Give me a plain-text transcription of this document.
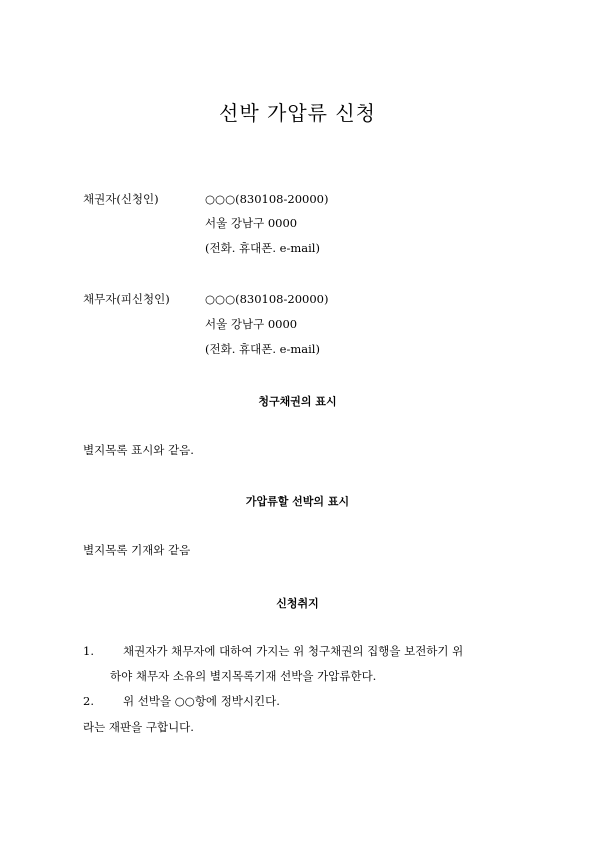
선박 가압류 신청
채권자(신청인)	○○○(830108-20000)
서울 강남구 0000
(전화. 휴대폰. e-mail)
채무자(피신청인)	○○○(830108-20000)
서울 강남구 0000
(전화. 휴대폰. e-mail)
청구채권의 표시
별지목록 표시와 같음.
가압류할 선박의 표시
별지목록 기재와 같음
신청취지
1.	채권자가 채무자에 대하여 가지는 위 청구채권의 집행을 보전하기 위
하야 채무자 소유의 별지목록기재 선박을 가압류한다.
2.	위 선박을 ○○항에 정박시킨다.
라는 재판을 구합니다.
